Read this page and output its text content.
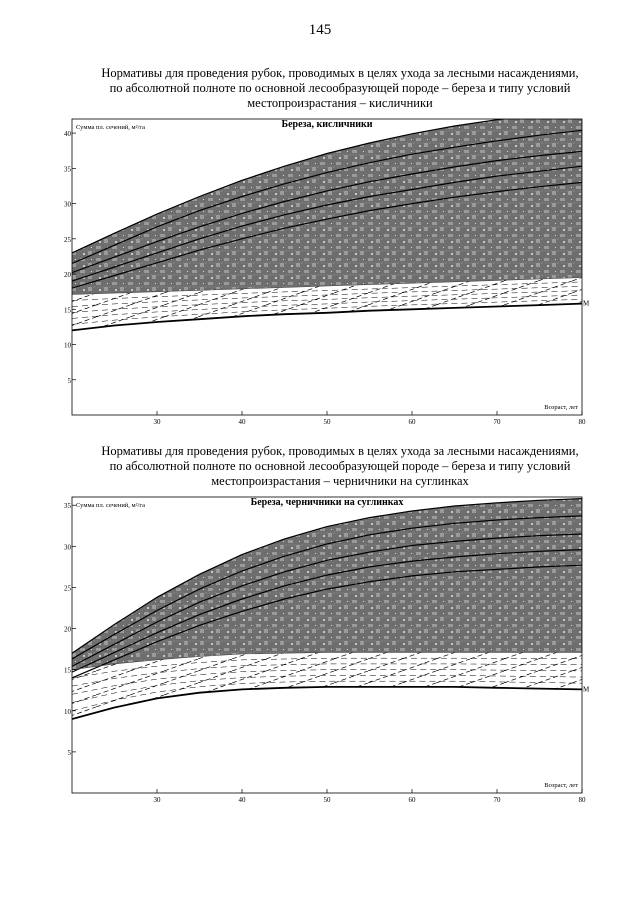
145
Нормативы для проведения рубок, проводимых в целях ухода за лесными насаждениями,
по абсолютной полноте по основной лесообразующей породе – береза и типу условий
местопроизрастания – кисличники
5
10
15
20
25
30
35
40
30	40	50	60	70	80
Береза, кисличники
Сумма пл. сечений, м²/га
Возраст, лет
М
Нормативы для проведения рубок, проводимых в целях ухода за лесными насаждениями,
по абсолютной полноте по основной лесообразующей породе – береза и типу условий
местопроизрастания – черничники на суглинках
5
10
15
20
25
30
35
30	40	50	60	70	80
Береза, черничники на суглинках
Сумма пл. сечений, м²/га
Возраст, лет
М
